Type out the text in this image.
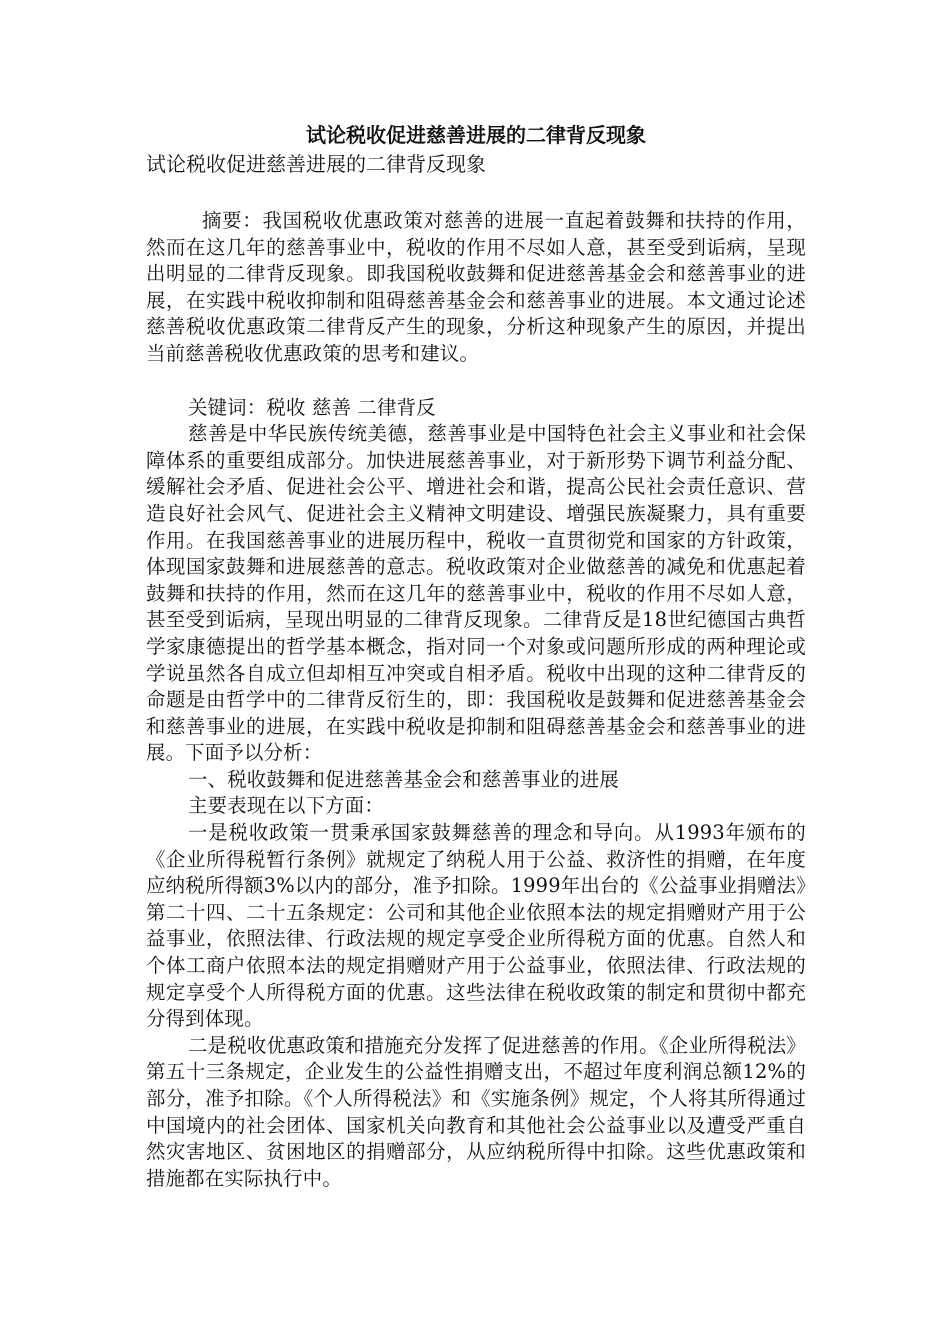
试论税收促进慈善进展的二律背反现象

试论税收促进慈善进展的二律背反现象

摘要：我国税收优惠政策对慈善的进展一直起着鼓舞和扶持的作用，然而在这几年的慈善事业中，税收的作用不尽如人意，甚至受到诟病，呈现出明显的二律背反现象。即我国税收鼓舞和促进慈善基金会和慈善事业的进展，在实践中税收抑制和阻碍慈善基金会和慈善事业的进展。本文通过论述慈善税收优惠政策二律背反产生的现象，分析这种现象产生的原因，并提出当前慈善税收优惠政策的思考和建议。

关键词：税收 慈善 二律背反

慈善是中华民族传统美德，慈善事业是中国特色社会主义事业和社会保障体系的重要组成部分。加快进展慈善事业，对于新形势下调节利益分配、缓解社会矛盾、促进社会公平、增进社会和谐，提高公民社会责任意识、营造良好社会风气、促进社会主义精神文明建设、增强民族凝聚力，具有重要作用。在我国慈善事业的进展历程中，税收一直贯彻党和国家的方针政策，体现国家鼓舞和进展慈善的意志。税收政策对企业做慈善的减免和优惠起着鼓舞和扶持的作用，然而在这几年的慈善事业中，税收的作用不尽如人意，甚至受到诟病，呈现出明显的二律背反现象。二律背反是18世纪德国古典哲学家康德提出的哲学基本概念，指对同一个对象或问题所形成的两种理论或学说虽然各自成立但却相互冲突或自相矛盾。税收中出现的这种二律背反的命题是由哲学中的二律背反衍生的，即：我国税收是鼓舞和促进慈善基金会和慈善事业的进展，在实践中税收是抑制和阻碍慈善基金会和慈善事业的进展。下面予以分析：

一、税收鼓舞和促进慈善基金会和慈善事业的进展

主要表现在以下方面：

一是税收政策一贯秉承国家鼓舞慈善的理念和导向。从1993年颁布的《企业所得税暂行条例》就规定了纳税人用于公益、救济性的捐赠，在年度应纳税所得额3%以内的部分，准予扣除。1999年出台的《公益事业捐赠法》第二十四、二十五条规定：公司和其他企业依照本法的规定捐赠财产用于公益事业，依照法律、行政法规的规定享受企业所得税方面的优惠。自然人和个体工商户依照本法的规定捐赠财产用于公益事业，依照法律、行政法规的规定享受个人所得税方面的优惠。这些法律在税收政策的制定和贯彻中都充分得到体现。

二是税收优惠政策和措施充分发挥了促进慈善的作用。《企业所得税法》第五十三条规定，企业发生的公益性捐赠支出，不超过年度利润总额12%的部分，准予扣除。《个人所得税法》和《实施条例》规定，个人将其所得通过中国境内的社会团体、国家机关向教育和其他社会公益事业以及遭受严重自然灾害地区、贫困地区的捐赠部分，从应纳税所得中扣除。这些优惠政策和措施都在实际执行中。
